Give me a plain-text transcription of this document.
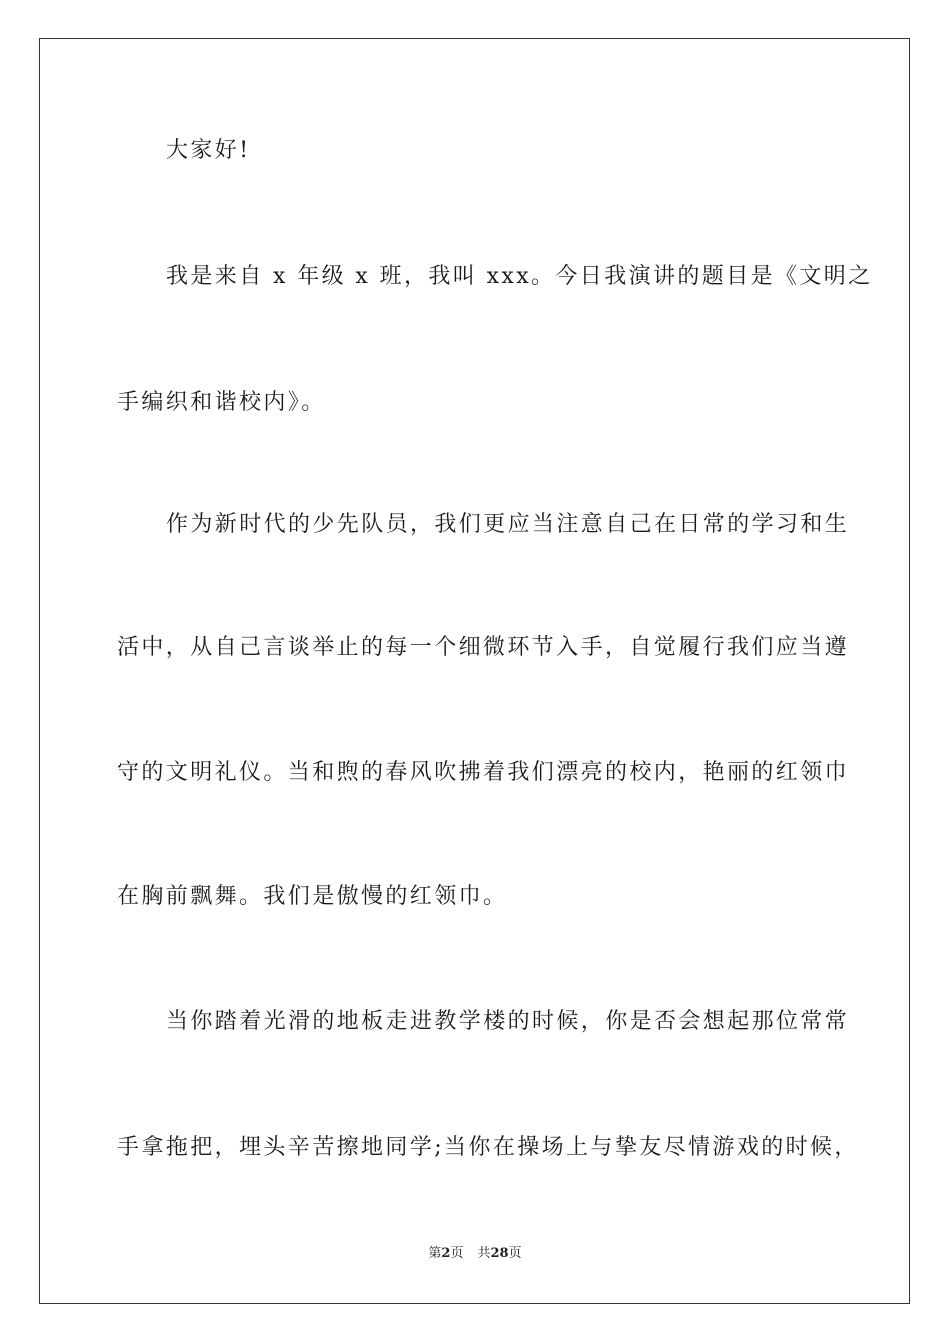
大家好!
我是来自 x 年级 x 班，我叫 xxx。今日我演讲的题目是《文明之
手编织和谐校内》。
作为新时代的少先队员，我们更应当注意自己在日常的学习和生
活中，从自己言谈举止的每一个细微环节入手，自觉履行我们应当遵
守的文明礼仪。当和煦的春风吹拂着我们漂亮的校内，艳丽的红领巾
在胸前飘舞。我们是傲慢的红领巾。
当你踏着光滑的地板走进教学楼的时候，你是否会想起那位常常
手拿拖把，埋头辛苦擦地同学;当你在操场上与挚友尽情游戏的时候，
第2页 共28页
